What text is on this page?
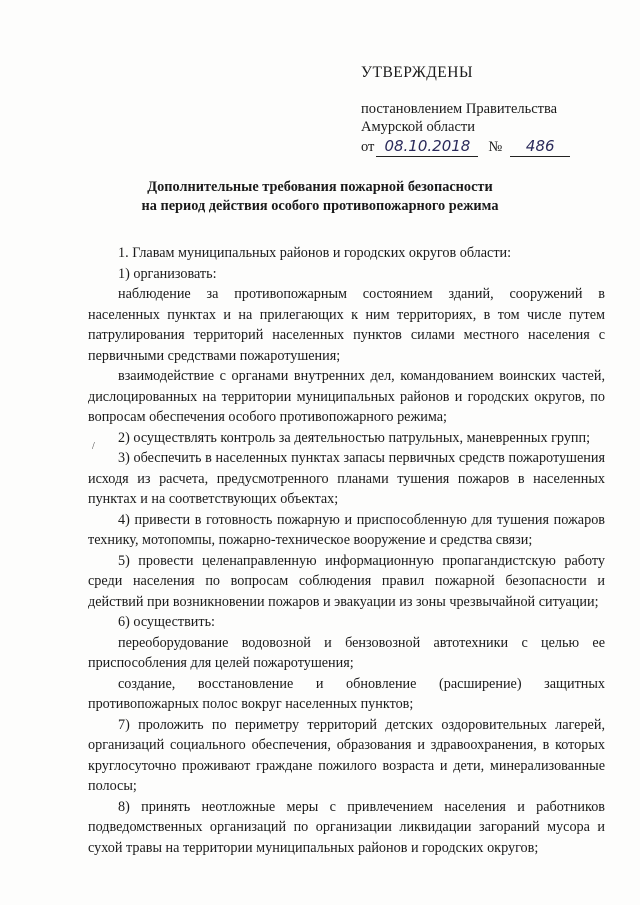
УТВЕРЖДЕНЫ
постановлением Правительства
Амурской области
от 08.10.2018	№	486
Дополнительные требования пожарной безопасности
на период действия особого противопожарного режима
/

1. Главам муниципальных районов и городских округов области:

1) организовать:

наблюдение за противопожарным состоянием зданий, сооружений в населенных пунктах и на прилегающих к ним территориях, в том числе путем патрулирования территорий населенных пунктов силами местного населения с первичными средствами пожаротушения;

взаимодействие с органами внутренних дел, командованием воинских частей, дислоцированных на территории муниципальных районов и городских округов, по вопросам обеспечения особого противопожарного режима;

2) осуществлять контроль за деятельностью патрульных, маневренных групп;

3) обеспечить в населенных пунктах запасы первичных средств пожаротушения исходя из расчета, предусмотренного планами тушения пожаров в населенных пунктах и на соответствующих объектах;

4) привести в готовность пожарную и приспособленную для тушения пожаров технику, мотопомпы, пожарно-техническое вооружение и средства связи;

5) провести целенаправленную информационную пропагандистскую работу среди населения по вопросам соблюдения правил пожарной безопасности и действий при возникновении пожаров и эвакуации из зоны чрезвычайной ситуации;

6) осуществить:

переоборудование водовозной и бензовозной автотехники с целью ее приспособления для целей пожаротушения;

создание, восстановление и обновление (расширение) защитных противопожарных полос вокруг населенных пунктов;

7) проложить по периметру территорий детских оздоровительных лагерей, организаций социального обеспечения, образования и здравоохранения, в которых круглосуточно проживают граждане пожилого возраста и дети, минерализованные полосы;

8) принять неотложные меры с привлечением населения и работников подведомственных организаций по организации ликвидации загораний мусора и сухой травы на территории муниципальных районов и городских округов;
